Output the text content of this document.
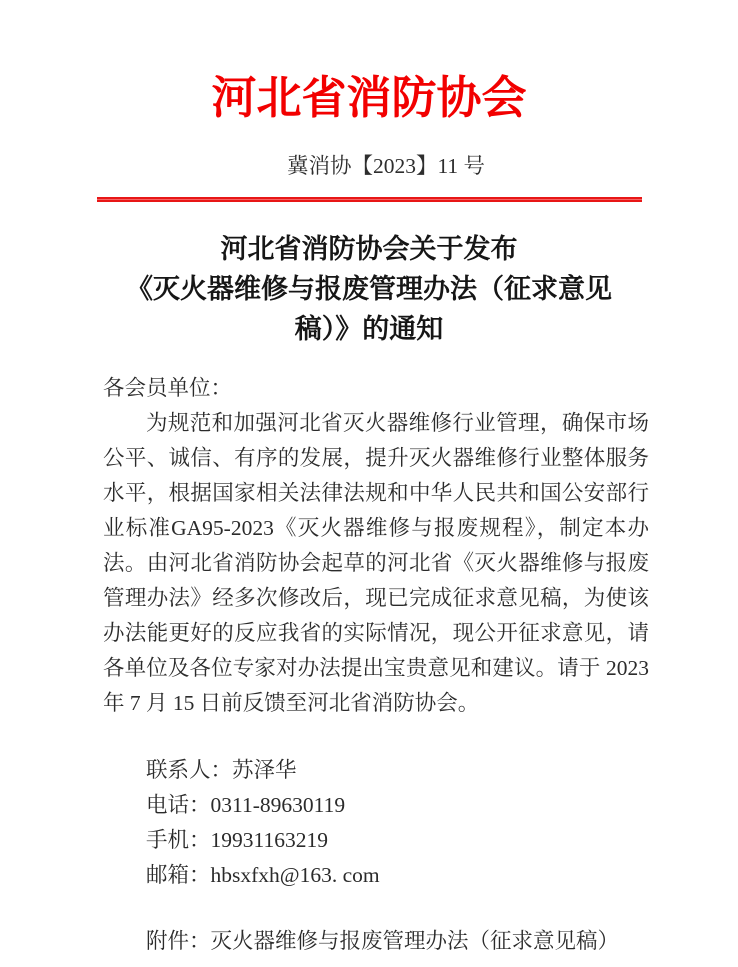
河北省消防协会
冀消协【2023】11 号
河北省消防协会关于发布
《灭火器维修与报废管理办法（征求意见
稿）》的通知
各会员单位：

为规范和加强河北省灭火器维修行业管理，确保市场公平、诚信、有序的发展，提升灭火器维修行业整体服务水平，根据国家相关法律法规和中华人民共和国公安部行业标准GA95-2023《灭火器维修与报废规程》，制定本办法。由河北省消防协会起草的河北省《灭火器维修与报废管理办法》经多次修改后，现已完成征求意见稿，为使该办法能更好的反应我省的实际情况，现公开征求意见，请各单位及各位专家对办法提出宝贵意见和建议。请于 2023 年 7 月 15 日前反馈至河北省消防协会。

联系人：苏泽华
电话：0311-89630119
手机：19931163219
邮箱：hbsxfxh@163. com
附件：灭火器维修与报废管理办法（征求意见稿）
